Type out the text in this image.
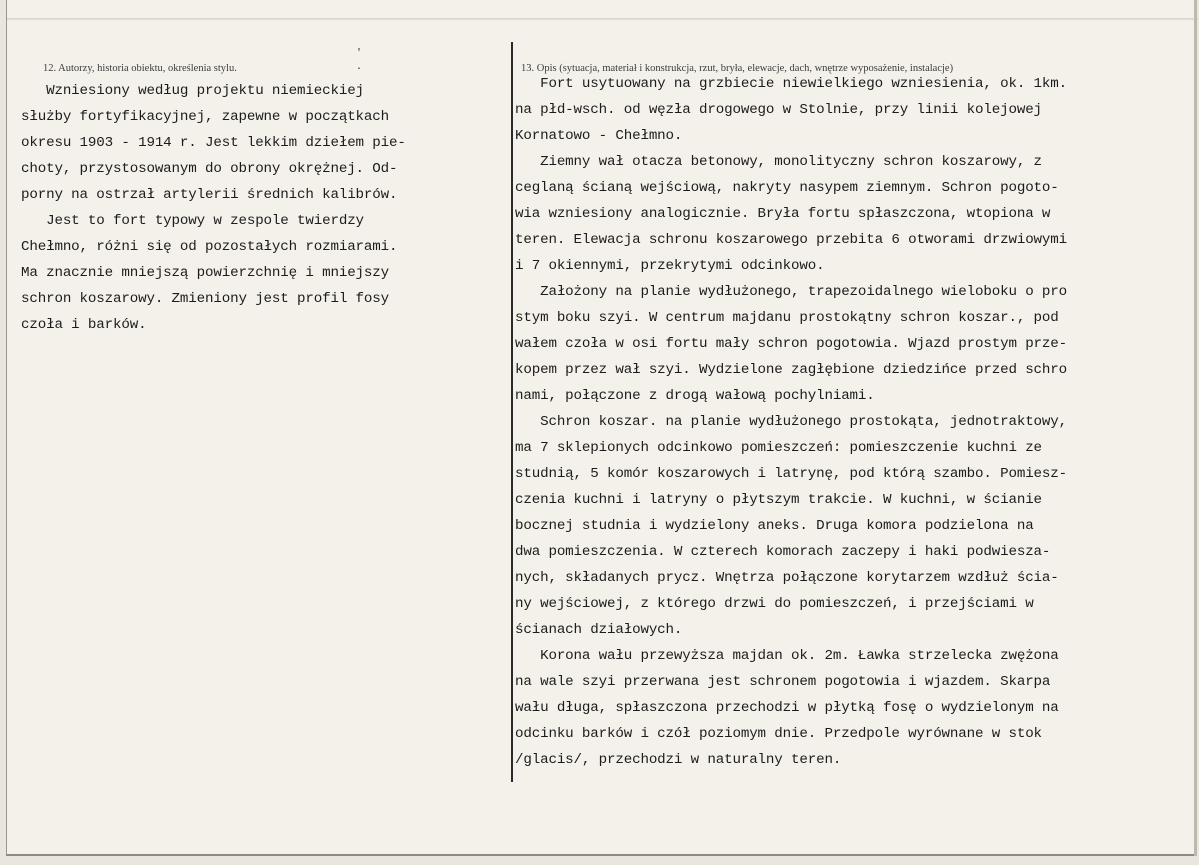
12. Autorzy, historia obiektu, określenia stylu.
'
.	13. Opis (sytuacja, materiał i konstrukcja, rzut, bryła, elewacje, dach, wnętrze wyposażenie, instalacje)
Wzniesiony według projektu niemieckiej
służby fortyfikacyjnej, zapewne w początkach
okresu 1903 - 1914 r. Jest lekkim dziełem pie-
choty, przystosowanym do obrony okrężnej. Od-
porny na ostrzał artylerii średnich kalibrów.
Jest to fort typowy w zespole twierdzy
Chełmno, różni się od pozostałych rozmiarami.
Ma znacznie mniejszą powierzchnię i mniejszy
schron koszarowy. Zmieniony jest profil fosy
czoła i barków.
Fort usytuowany na grzbiecie niewielkiego wzniesienia, ok. 1km.
na płd-wsch. od węzła drogowego w Stolnie, przy linii kolejowej
Kornatowo - Chełmno.
Ziemny wał otacza betonowy, monolityczny schron koszarowy, z
ceglaną ścianą wejściową, nakryty nasypem ziemnym. Schron pogoto-
wia wzniesiony analogicznie. Bryła fortu spłaszczona, wtopiona w
teren. Elewacja schronu koszarowego przebita 6 otworami drzwiowymi
i 7 okiennymi, przekrytymi odcinkowo.
Założony na planie wydłużonego, trapezoidalnego wieloboku o pro
stym boku szyi. W centrum majdanu prostokątny schron koszar., pod
wałem czoła w osi fortu mały schron pogotowia. Wjazd prostym prze-
kopem przez wał szyi. Wydzielone zagłębione dziedzińce przed schro
nami, połączone z drogą wałową pochylniami.
Schron koszar. na planie wydłużonego prostokąta, jednotraktowy,
ma 7 sklepionych odcinkowo pomieszczeń: pomieszczenie kuchni ze
studnią, 5 komór koszarowych i latrynę, pod którą szambo. Pomiesz-
czenia kuchni i latryny o płytszym trakcie. W kuchni, w ścianie
bocznej studnia i wydzielony aneks. Druga komora podzielona na
dwa pomieszczenia. W czterech komorach zaczepy i haki podwiesza-
nych, składanych prycz. Wnętrza połączone korytarzem wzdłuż ścia-
ny wejściowej, z którego drzwi do pomieszczeń, i przejściami w
ścianach działowych.
Korona wału przewyższa majdan ok. 2m. Ławka strzelecka zwężona
na wale szyi przerwana jest schronem pogotowia i wjazdem. Skarpa
wału długa, spłaszczona przechodzi w płytką fosę o wydzielonym na
odcinku barków i czół poziomym dnie. Przedpole wyrównane w stok
/glacis/, przechodzi w naturalny teren.
